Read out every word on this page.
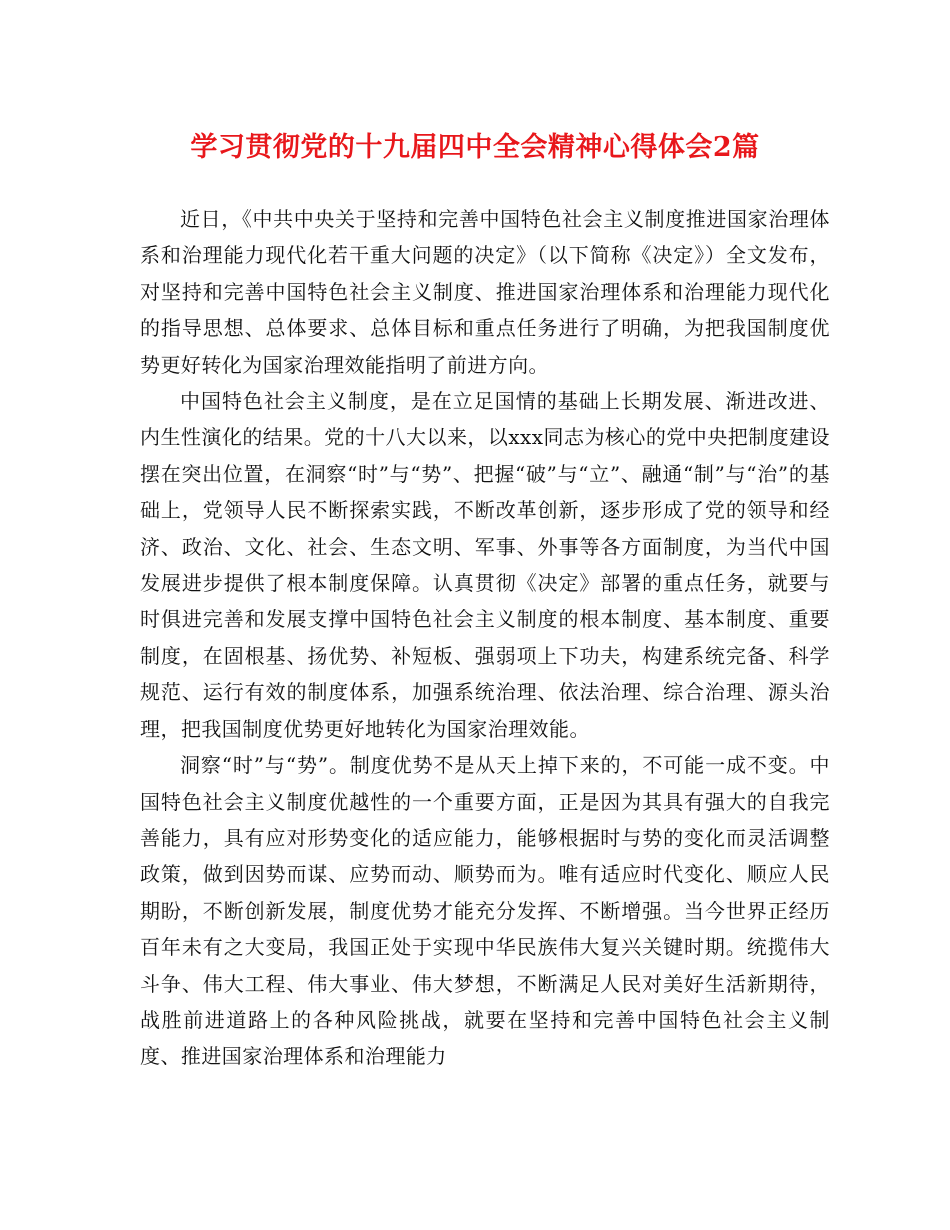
学习贯彻党的十九届四中全会精神心得体会2篇

近日，《中共中央关于坚持和完善中国特色社会主义制度推进国家治理体系和治理能力现代化若干重大问题的决定》（以下简称《决定》）全文发布，对坚持和完善中国特色社会主义制度、推进国家治理体系和治理能力现代化的指导思想、总体要求、总体目标和重点任务进行了明确，为把我国制度优势更好转化为国家治理效能指明了前进方向。

中国特色社会主义制度，是在立足国情的基础上长期发展、渐进改进、内生性演化的结果。党的十八大以来，以xxx同志为核心的党中央把制度建设摆在突出位置，在洞察“时”与“势”、把握“破”与“立”、融通“制”与“治”的基础上，党领导人民不断探索实践，不断改革创新，逐步形成了党的领导和经济、政治、文化、社会、生态文明、军事、外事等各方面制度，为当代中国发展进步提供了根本制度保障。认真贯彻《决定》部署的重点任务，就要与时俱进完善和发展支撑中国特色社会主义制度的根本制度、基本制度、重要制度，在固根基、扬优势、补短板、强弱项上下功夫，构建系统完备、科学规范、运行有效的制度体系，加强系统治理、依法治理、综合治理、源头治理，把我国制度优势更好地转化为国家治理效能。

洞察“时”与“势”。制度优势不是从天上掉下来的，不可能一成不变。中国特色社会主义制度优越性的一个重要方面，正是因为其具有强大的自我完善能力，具有应对形势变化的适应能力，能够根据时与势的变化而灵活调整政策，做到因势而谋、应势而动、顺势而为。唯有适应时代变化、顺应人民期盼，不断创新发展，制度优势才能充分发挥、不断增强。当今世界正经历百年未有之大变局，我国正处于实现中华民族伟大复兴关键时期。统揽伟大斗争、伟大工程、伟大事业、伟大梦想，不断满足人民对美好生活新期待，战胜前进道路上的各种风险挑战，就要在坚持和完善中国特色社会主义制度、推进国家治理体系和治理能力
